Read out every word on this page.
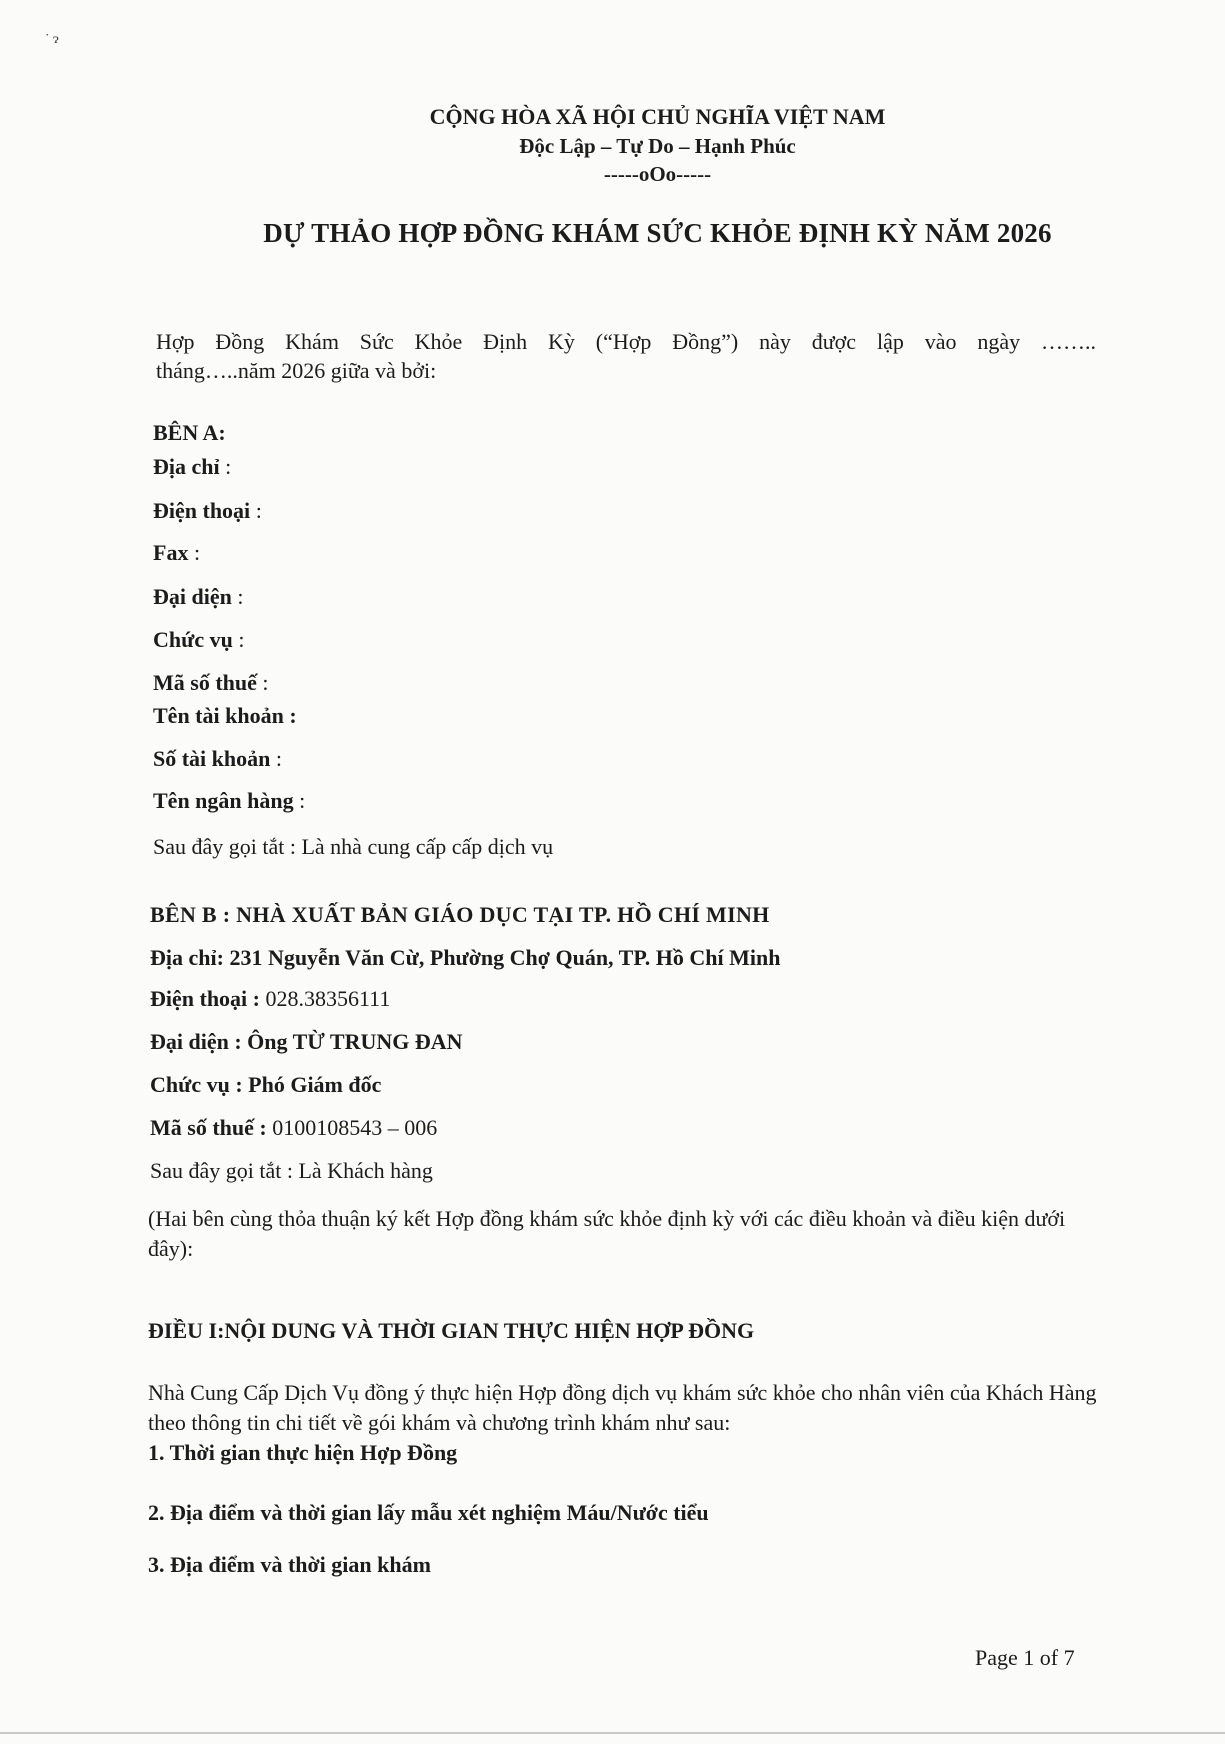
˙ ɂ
CỘNG HÒA XÃ HỘI CHỦ NGHĨA VIỆT NAM
Độc Lập – Tự Do – Hạnh Phúc
-----oOo-----
DỰ THẢO HỢP ĐỒNG KHÁM SỨC KHỎE ĐỊNH KỲ NĂM 2026
Hợp Đồng Khám Sức Khỏe Định Kỳ (“Hợp Đồng”) này được lập vào ngày ……..
tháng…..năm 2026 giữa và bởi:
BÊN A:
Địa chỉ :
Điện thoại :
Fax :
Đại diện :
Chức vụ :
Mã số thuế :
Tên tài khoản :
Số tài khoản :
Tên ngân hàng :
Sau đây gọi tắt : Là nhà cung cấp cấp dịch vụ
BÊN B : NHÀ XUẤT BẢN GIÁO DỤC TẠI TP. HỒ CHÍ MINH
Địa chỉ: 231 Nguyễn Văn Cừ, Phường Chợ Quán, TP. Hồ Chí Minh
Điện thoại : 028.38356111
Đại diện : Ông TỪ TRUNG ĐAN
Chức vụ : Phó Giám đốc
Mã số thuế : 0100108543 – 006
Sau đây gọi tắt : Là Khách hàng
(Hai bên cùng thỏa thuận ký kết Hợp đồng khám sức khỏe định kỳ với các điều khoản và điều kiện dưới đây):
ĐIỀU I:NỘI DUNG VÀ THỜI GIAN THỰC HIỆN HỢP ĐỒNG
Nhà Cung Cấp Dịch Vụ đồng ý thực hiện Hợp đồng dịch vụ khám sức khỏe cho nhân viên của Khách Hàng theo thông tin chi tiết về gói khám và chương trình khám như sau:
1. Thời gian thực hiện Hợp Đồng
2. Địa điểm và thời gian lấy mẫu xét nghiệm Máu/Nước tiểu
3. Địa điểm và thời gian khám
Page 1 of 7
